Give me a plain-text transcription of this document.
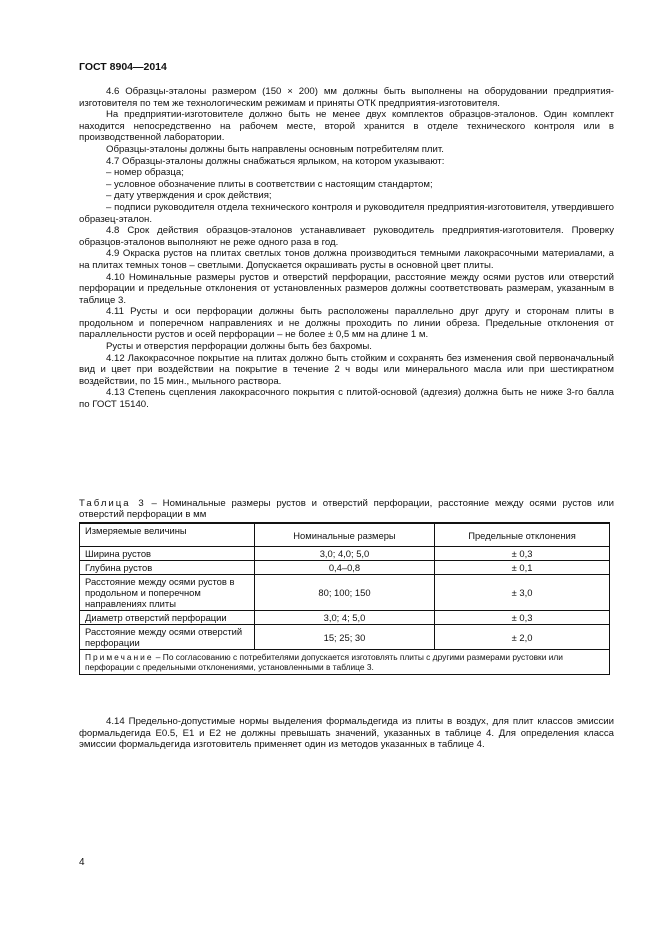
ГОСТ 8904—2014

4.6 Образцы-эталоны размером (150 × 200) мм должны быть выполнены на оборудовании предприятия-изготовителя по тем же технологическим режимам и приняты ОТК предприятия-изготовителя.

На предприятии-изготовителе должно быть не менее двух комплектов образцов-эталонов. Один комплект находится непосредственно на рабочем месте, второй хранится в отделе технического контроля или в производственной лаборатории.

Образцы-эталоны должны быть направлены основным потребителям плит.

4.7 Образцы-эталоны должны снабжаться ярлыком, на котором указывают:

– номер образца;

– условное обозначение плиты в соответствии с настоящим стандартом;

– дату утверждения и срок действия;

– подписи руководителя отдела технического контроля и руководителя предприятия-изготовителя, утвердившего образец-эталон.

4.8 Срок действия образцов-эталонов устанавливает руководитель предприятия-изготовителя. Проверку образцов-эталонов выполняют не реже одного раза в год.

4.9 Окраска рустов на плитах светлых тонов должна производиться темными лакокрасочными материалами, а на плитах темных тонов – светлыми. Допускается окрашивать русты в основной цвет плиты.

4.10 Номинальные размеры рустов и отверстий перфорации, расстояние между осями рустов или отверстий перфорации и предельные отклонения от установленных размеров должны соответствовать размерам, указанным в таблице 3.

4.11 Русты и оси перфорации должны быть расположены параллельно друг другу и сторонам плиты в продольном и поперечном направлениях и не должны проходить по линии обреза. Предельные отклонения от параллельности рустов и осей перфорации – не более ± 0,5 мм на длине 1 м.

Русты и отверстия перфорации должны быть без бахромы.

4.12 Лакокрасочное покрытие на плитах должно быть стойким и сохранять без изменения свой первоначальный вид и цвет при воздействии на покрытие в течение 2 ч воды или минерального масла или при шестикратном воздействии, по 15 мин., мыльного раствора.

4.13 Степень сцепления лакокрасочного покрытия с плитой-основой (адгезия) должна быть не ниже 3-го балла по ГОСТ 15140.

Таблица 3 – Номинальные размеры рустов и отверстий перфорации, расстояние между осями рустов или отверстий перфорации в мм
Измеряемые величины	Номинальные размеры	Предельные отклонения
Ширина рустов	3,0; 4,0; 5,0	± 0,3
Глубина рустов	0,4–0,8	± 0,1
Расстояние между осями рустов в продольном и поперечном направлениях плиты	80; 100; 150	± 3,0
Диаметр отверстий перфорации	3,0; 4; 5,0	± 0,3
Расстояние между осями отверстий перфорации	15; 25; 30	± 2,0
Примечание – По согласованию с потребителями допускается изготовлять плиты с другими размерами рустовки или перфорации с предельными отклонениями, установленными в таблице 3.		

4.14 Предельно-допустимые нормы выделения формальдегида из плиты в воздух, для плит классов эмиссии формальдегида Е0.5, Е1 и Е2 не должны превышать значений, указанных в таблице 4. Для определения класса эмиссии формальдегида изготовитель применяет один из методов указанных в таблице 4.

4
